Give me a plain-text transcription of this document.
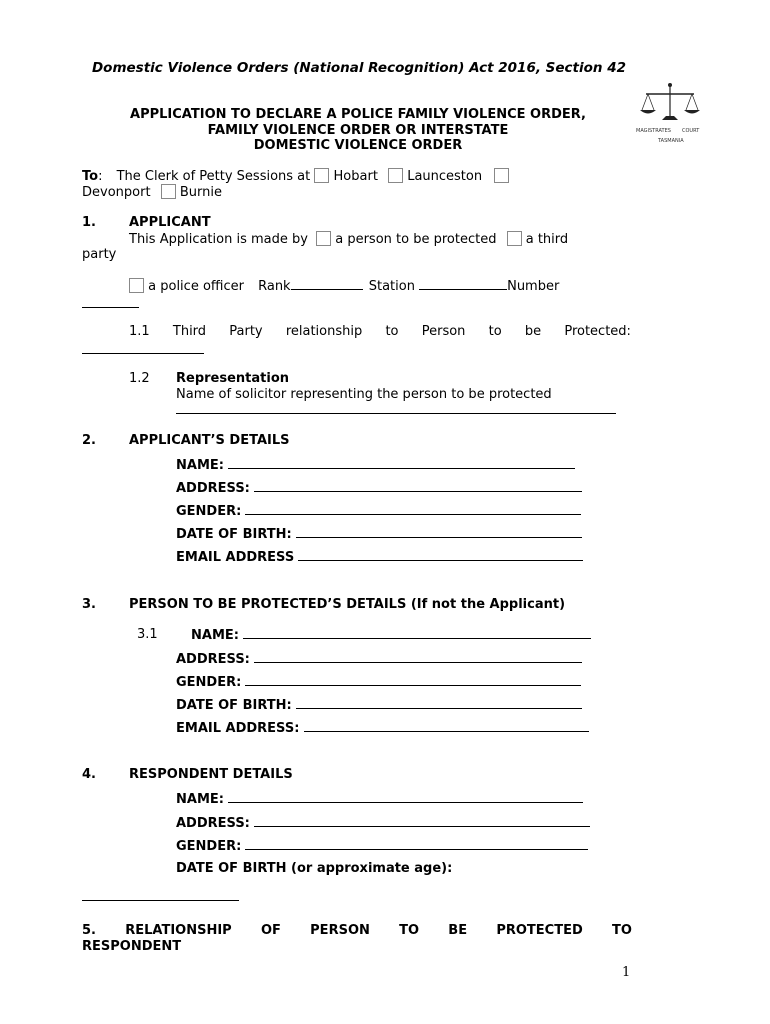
Domestic Violence Orders (National Recognition) Act 2016, Section 42
APPLICATION TO DECLARE A POLICE FAMILY VIOLENCE ORDER,
FAMILY VIOLENCE ORDER OR INTERSTATE
DOMESTIC VIOLENCE ORDER
MAGISTRATES COURT
TASMANIA
To: The Clerk of Petty Sessions at Hobart Launceston
Devonport Burnie
1.	APPLICANT
This Application is made by a person to be protected a third
party
a police officer Rank	Station	Number
1.1 Third Party relationship to Person to be Protected:
1.2 Representation
Name of solicitor representing the person to be protected
2.	APPLICANT’S DETAILS
NAME:
ADDRESS:
GENDER:
DATE OF BIRTH:
EMAIL ADDRESS
3.	PERSON TO BE PROTECTED’S DETAILS (If not the Applicant)
3.1	NAME:
ADDRESS:
GENDER:
DATE OF BIRTH:
EMAIL ADDRESS:
4.	RESPONDENT DETAILS
NAME:
ADDRESS:
GENDER:
DATE OF BIRTH (or approximate age):
5. RELATIONSHIP OF PERSON TO BE PROTECTED TO
RESPONDENT
1
